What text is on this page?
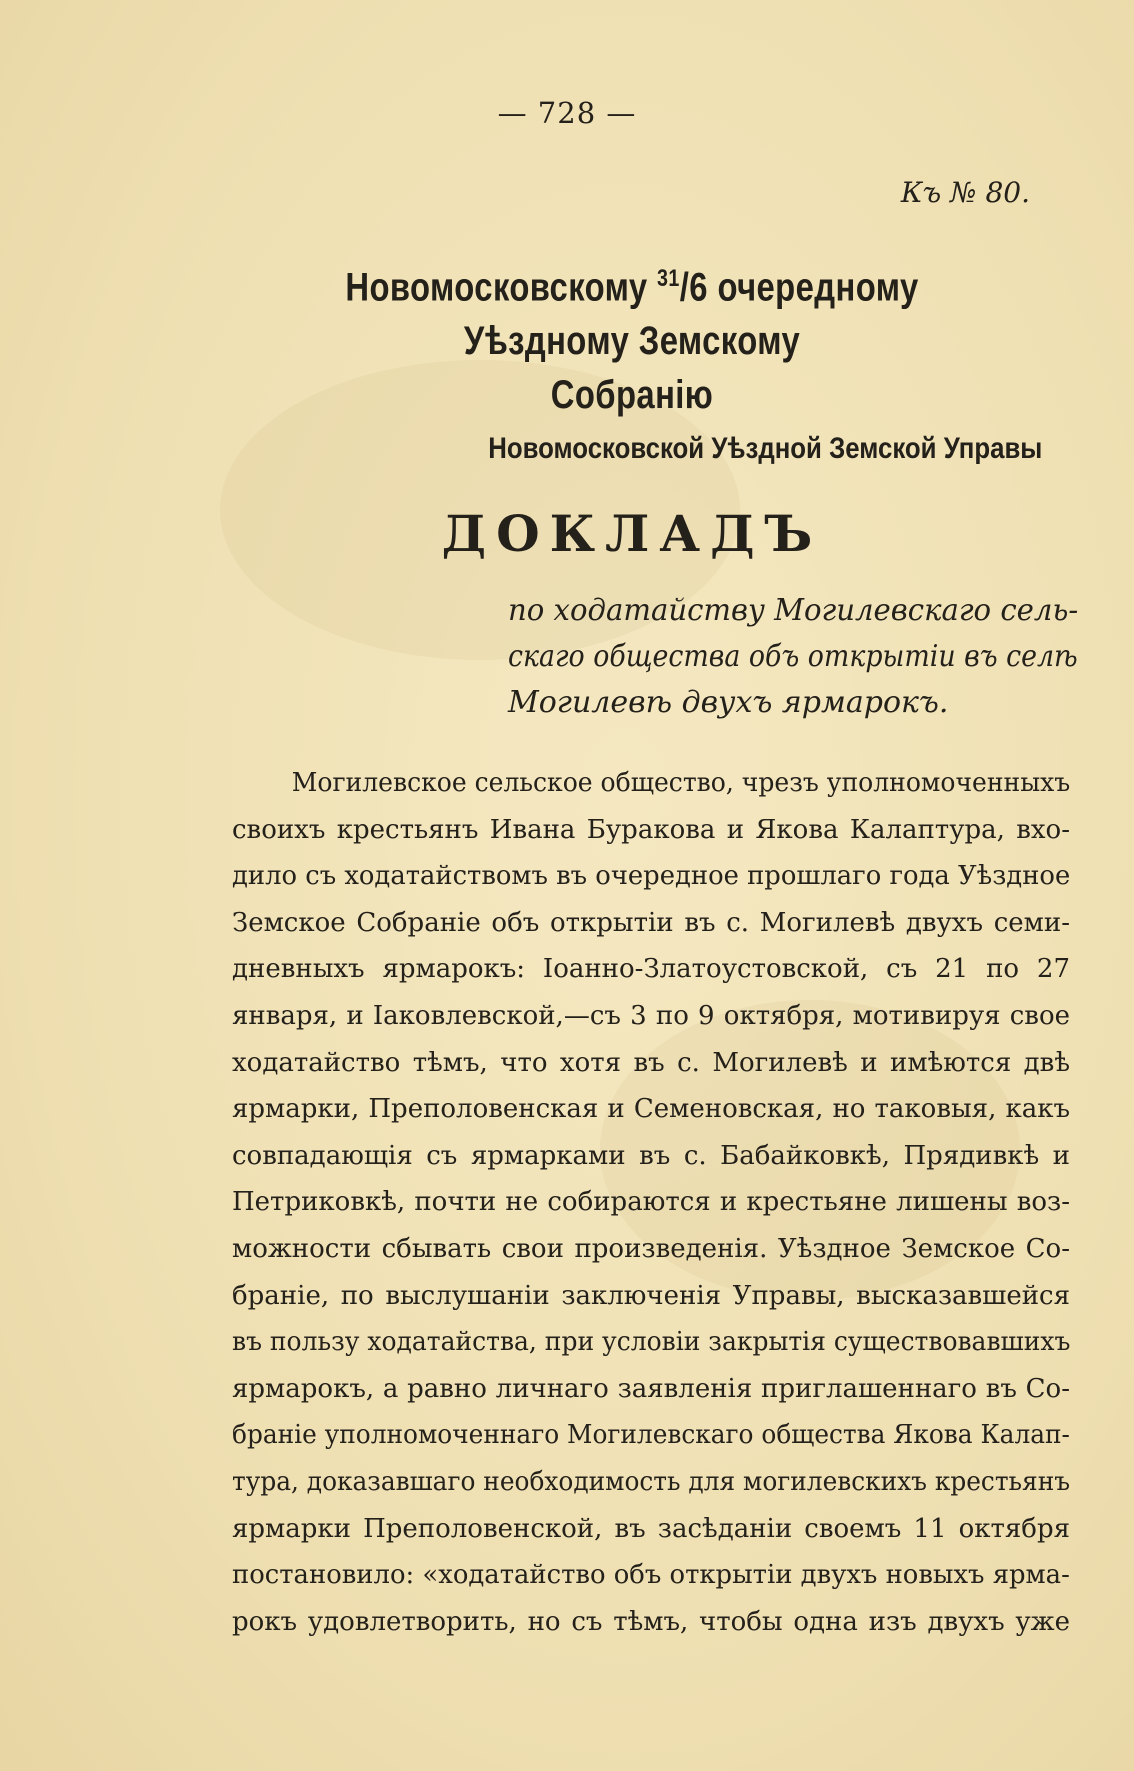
— 728 —
Къ № 80.
Новомосковскому $^{31}$/6 очередному Уѣздному Земскому
Собранію
Новомосковской Уѣздной Земской Управы
ДОКЛАДЪ
по ходатайству Могилевскаго сель-
скаго общества объ открытіи въ селѣ
Могилевѣ двухъ ярмарокъ.
Могилевское сельское общество, чрезъ уполномоченныхъ
своихъ крестьянъ Ивана Буракова и Якова Калаптура, вхо-
дило съ ходатайствомъ въ очередное прошлаго года Уѣздное
Земское Собраніе объ открытіи въ с. Могилевѣ двухъ семи-
дневныхъ ярмарокъ: Іоанно-Златоустовской, съ 21 по 27
января, и Іаковлевской,—съ 3 по 9 октября, мотивируя свое
ходатайство тѣмъ, что хотя въ с. Могилевѣ и имѣются двѣ
ярмарки, Преполовенская и Семеновская, но таковыя, какъ
совпадающія съ ярмарками въ с. Бабайковкѣ, Прядивкѣ и
Петриковкѣ, почти не собираются и крестьяне лишены воз-
можности сбывать свои произведенія. Уѣздное Земское Со-
браніе, по выслушаніи заключенія Управы, высказавшейся
въ пользу ходатайства, при условіи закрытія существовавшихъ
ярмарокъ, а равно личнаго заявленія приглашеннаго въ Со-
браніе уполномоченнаго Могилевскаго общества Якова Калап-
тура, доказавшаго необходимость для могилевскихъ крестьянъ
ярмарки Преполовенской, въ засѣданіи своемъ 11 октября
постановило: «ходатайство объ открытіи двухъ новыхъ ярма-
рокъ удовлетворить, но съ тѣмъ, чтобы одна изъ двухъ уже
